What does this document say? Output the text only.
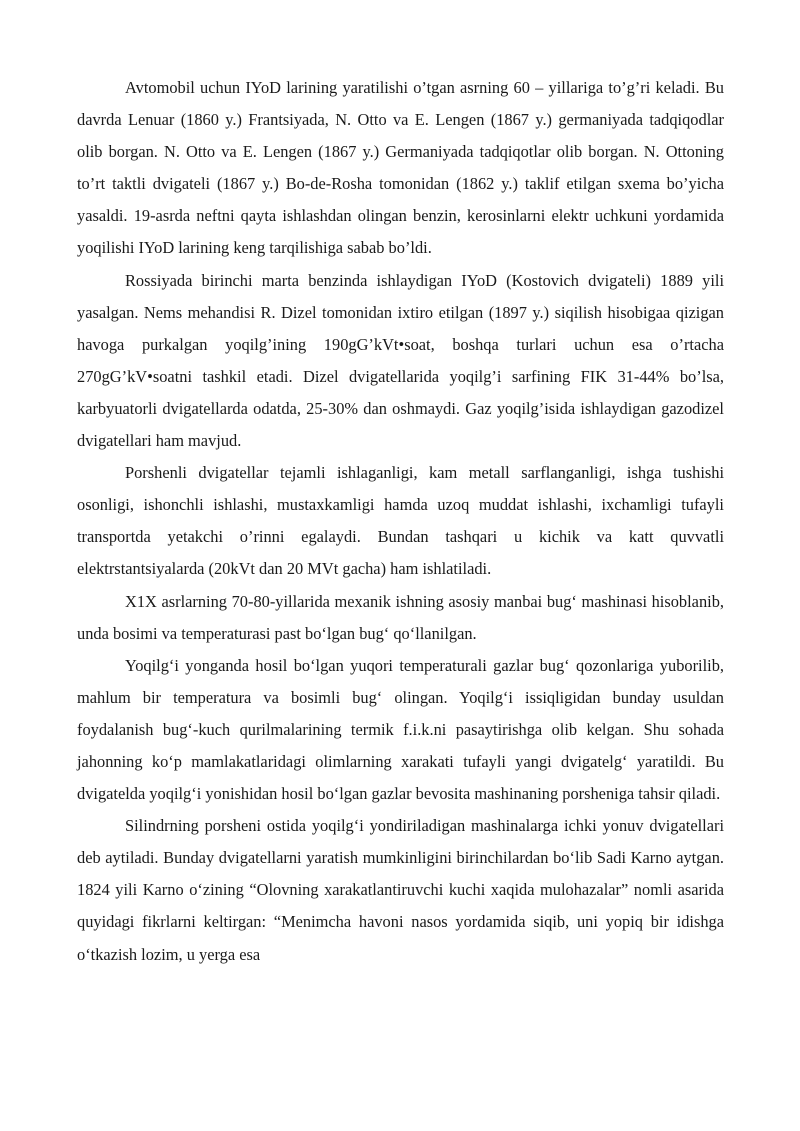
Avtomobil uchun IYoD larining yaratilishi o’tgan asrning 60 – yillariga to’g’ri keladi. Bu davrda Lenuar (1860 y.) Frantsiyada, N. Otto va E. Lengen (1867 y.) germaniyada tadqiqodlar olib borgan. N. Otto va E. Lengen (1867 y.) Germaniyada tadqiqotlar olib borgan. N. Ottoning to’rt taktli dvigateli (1867 y.) Bo-de-Rosha tomonidan (1862 y.) taklif etilgan sxema bo’yicha yasaldi. 19-asrda neftni qayta ishlashdan olingan benzin, kerosinlarni elektr uchkuni yordamida yoqilishi IYoD larining keng tarqilishiga sabab bo’ldi.

Rossiyada birinchi marta benzinda ishlaydigan IYoD (Kostovich dvigateli) 1889 yili yasalgan. Nems mehandisi R. Dizel tomonidan ixtiro etilgan (1897 y.) siqilish hisobigaa qizigan havoga purkalgan yoqilg’ining 190gG’kVt•soat, boshqa turlari uchun esa o’rtacha 270gG’kV•soatni tashkil etadi. Dizel dvigatellarida yoqilg’i sarfining FIK 31-44% bo’lsa, karbyuatorli dvigatellarda odatda, 25-30% dan oshmaydi. Gaz yoqilg’isida ishlaydigan gazodizel dvigatellari ham mavjud.

Porshenli dvigatellar tejamli ishlaganligi, kam metall sarflanganligi, ishga tushishi osonligi, ishonchli ishlashi, mustaxkamligi hamda uzoq muddat ishlashi, ixchamligi tufayli transportda yetakchi o’rinni egalaydi. Bundan tashqari u kichik va katt quvvatli elektrstantsiyalarda (20kVt dan 20 MVt gacha) ham ishlatiladi.

X1X asrlarning 70-80-yillarida mexanik ishning asosiy manbai bug‘ mashinasi hisoblanib, unda bosimi va temperaturasi past bo‘lgan bug‘ qo‘llanilgan.

Yoqilg‘i yonganda hosil bo‘lgan yuqori temperaturali gazlar bug‘ qozonlariga yuborilib, mahlum bir temperatura va bosimli bug‘ olingan. Yoqilg‘i issiqligidan bunday usuldan foydalanish bug‘-kuch qurilmalarining termik f.i.k.ni pasaytirishga olib kelgan. Shu sohada jahonning ko‘p mamlakatlaridagi olimlarning xarakati tufayli yangi dvigatelg‘ yaratildi. Bu dvigatelda yoqilg‘i yonishidan hosil bo‘lgan gazlar bevosita mashinaning porsheniga tahsir qiladi.

Silindrning porsheni ostida yoqilg‘i yondiriladigan mashinalarga ichki yonuv dvigatellari deb aytiladi. Bunday dvigatellarni yaratish mumkinligini birinchilardan bo‘lib Sadi Karno aytgan. 1824 yili Karno o‘zining “Olovning xarakatlantiruvchi kuchi xaqida mulohazalar” nomli asarida quyidagi fikrlarni keltirgan: “Menimcha havoni nasos yordamida siqib, uni yopiq bir idishga o‘tkazish lozim, u yerga esa
